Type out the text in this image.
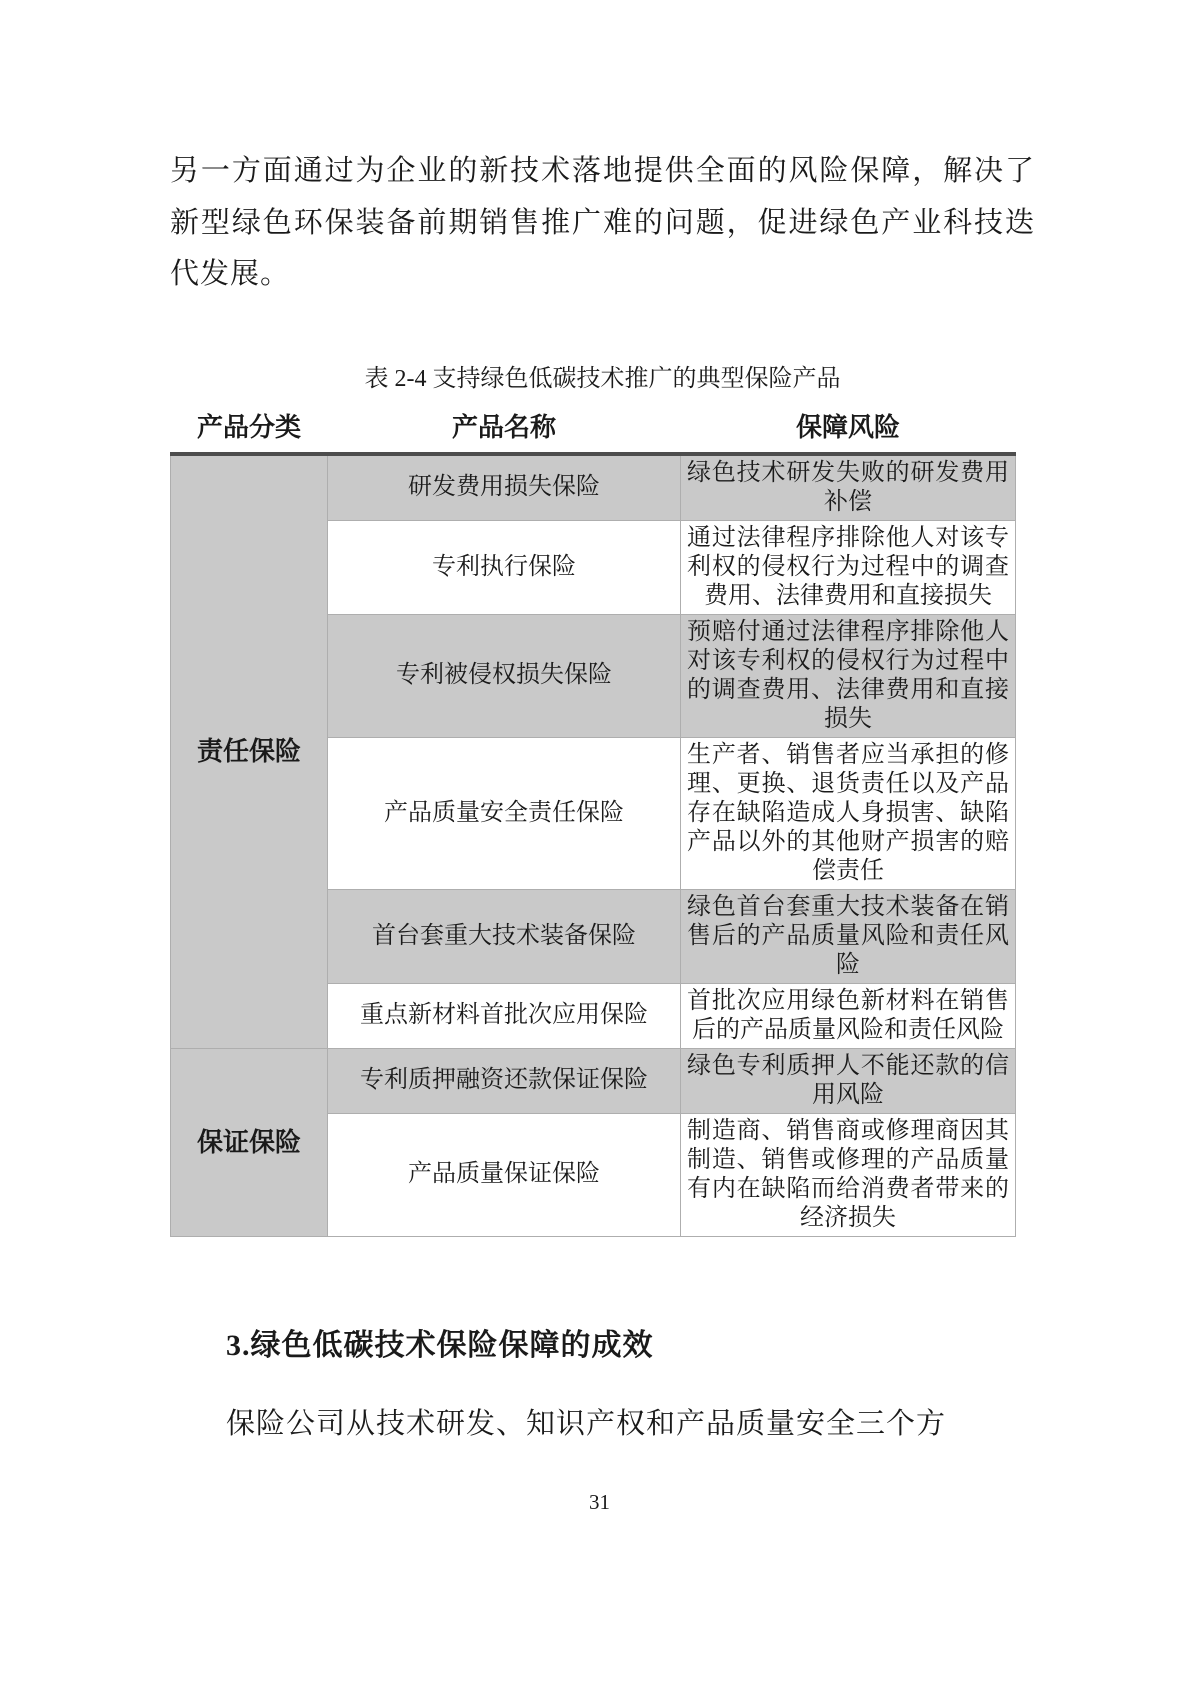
另一方面通过为企业的新技术落地提供全面的风险保障，解决了新型绿色环保装备前期销售推广难的问题，促进绿色产业科技迭代发展。

表 2-4 支持绿色低碳技术推广的典型保险产品
产品分类	产品名称	保障风险
责任保险	研发费用损失保险	绿色技术研发失败的研发费用补偿
	专利执行保险	通过法律程序排除他人对该专利权的侵权行为过程中的调查费用、法律费用和直接损失
	专利被侵权损失保险	预赔付通过法律程序排除他人对该专利权的侵权行为过程中的调查费用、法律费用和直接损失
	产品质量安全责任保险	生产者、销售者应当承担的修理、更换、退货责任以及产品存在缺陷造成人身损害、缺陷产品以外的其他财产损害的赔偿责任
	首台套重大技术装备保险	绿色首台套重大技术装备在销售后的产品质量风险和责任风险
	重点新材料首批次应用保险	首批次应用绿色新材料在销售后的产品质量风险和责任风险
保证保险	专利质押融资还款保证保险	绿色专利质押人不能还款的信用风险
	产品质量保证保险	制造商、销售商或修理商因其制造、销售或修理的产品质量有内在缺陷而给消费者带来的经济损失
3.绿色低碳技术保险保障的成效

保险公司从技术研发、知识产权和产品质量安全三个方

31
